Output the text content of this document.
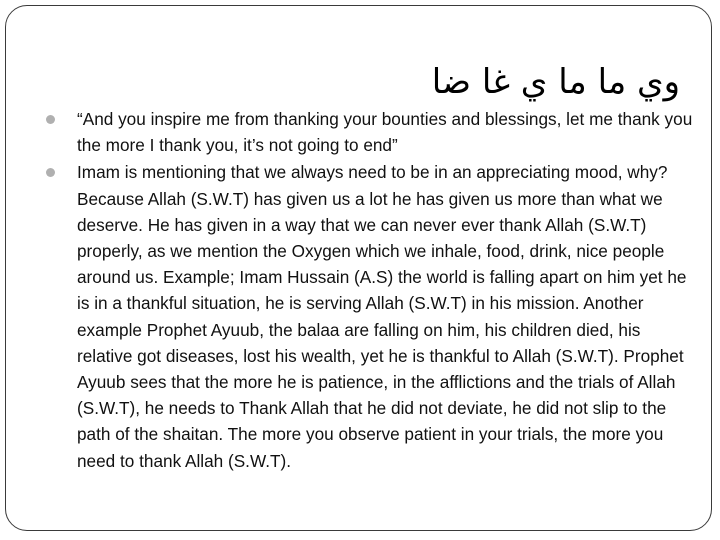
وي ما ما ي غا ضا
“And you inspire me from thanking your bounties and blessings, let me thank you the more I thank you, it’s not going to end”
Imam is mentioning that we always need to be in an appreciating mood, why? Because Allah (S.W.T) has given us a lot he has given us more than what we deserve. He has given in a way that we can never ever thank Allah (S.W.T) properly, as we mention the Oxygen which we inhale, food, drink, nice people around us. Example; Imam Hussain (A.S) the world is falling apart on him yet he is in a thankful situation, he is serving Allah (S.W.T) in his mission. Another example Prophet Ayuub, the balaa are falling on him, his children died, his relative got diseases, lost his wealth, yet he is thankful to Allah (S.W.T). Prophet Ayuub sees that the more he is patience, in the afflictions and the trials of Allah (S.W.T), he needs to Thank Allah that he did not deviate, he did not slip to the path of the shaitan. The more you observe patient in your trials, the more you need to thank Allah (S.W.T).
